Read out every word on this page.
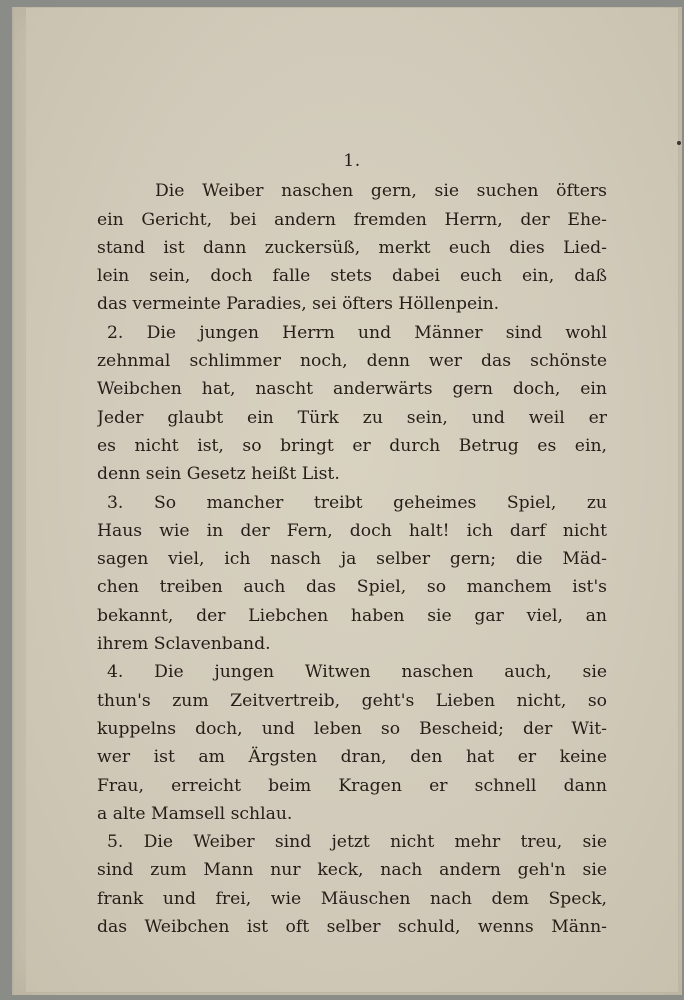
1.
Die Weiber naschen gern, sie suchen öfters
ein Gericht, bei andern fremden Herrn, der Ehe-
stand ist dann zuckersüß, merkt euch dies Lied-
lein sein, doch falle stets dabei euch ein, daß
das vermeinte Paradies, sei öfters Höllenpein.
2. Die jungen Herrn und Männer sind wohl
zehnmal schlimmer noch, denn wer das schönste
Weibchen hat, nascht anderwärts gern doch, ein
Jeder glaubt ein Türk zu sein, und weil er
es nicht ist, so bringt er durch Betrug es ein,
denn sein Gesetz heißt List.
3. So mancher treibt geheimes Spiel, zu
Haus wie in der Fern, doch halt! ich darf nicht
sagen viel, ich nasch ja selber gern; die Mäd-
chen treiben auch das Spiel, so manchem ist's
bekannt, der Liebchen haben sie gar viel, an
ihrem Sclavenband.
4. Die jungen Witwen naschen auch, sie
thun's zum Zeitvertreib, geht's Lieben nicht, so
kuppelns doch, und leben so Bescheid; der Wit-
wer ist am Ärgsten dran, den hat er keine
Frau, erreicht beim Kragen er schnell dann
a alte Mamsell schlau.
5. Die Weiber sind jetzt nicht mehr treu, sie
sind zum Mann nur keck, nach andern geh'n sie
frank und frei, wie Mäuschen nach dem Speck,
das Weibchen ist oft selber schuld, wenns Männ-
